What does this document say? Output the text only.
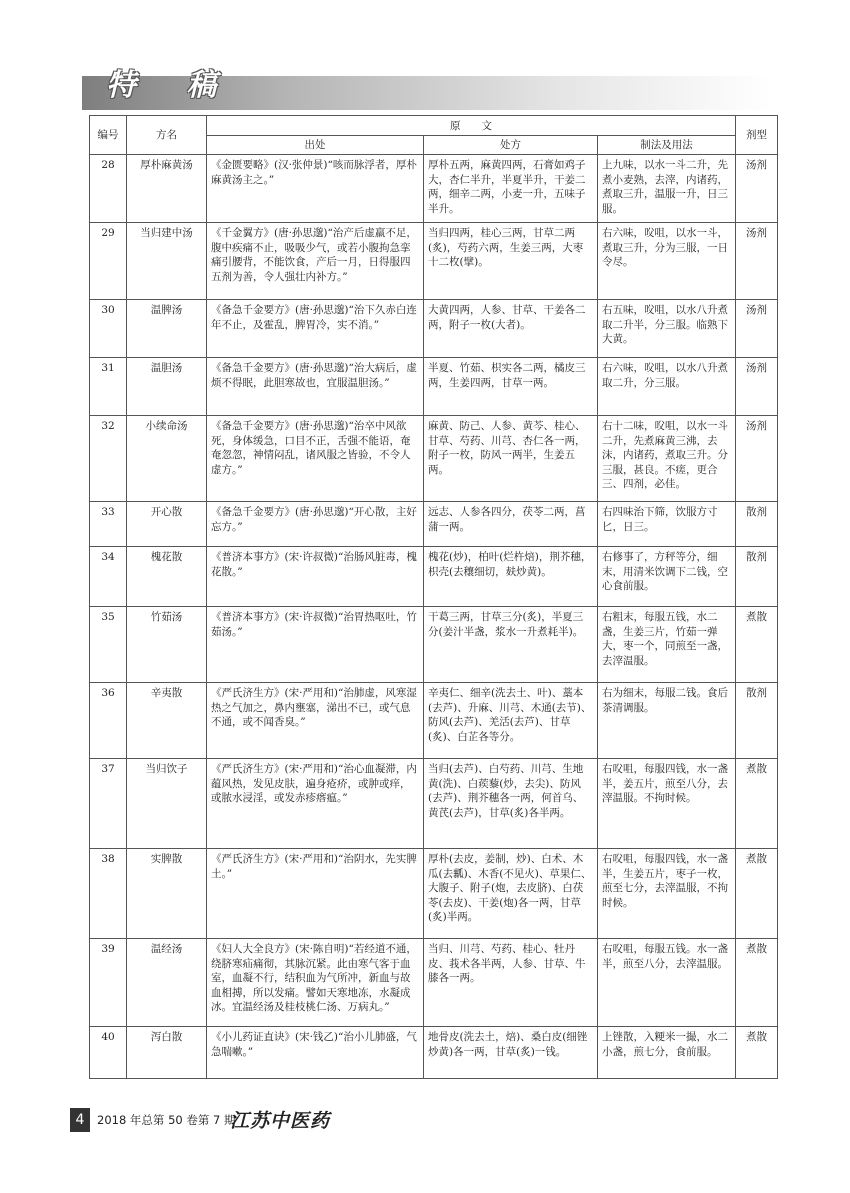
特 稿
编号	方名	原　　文			剂型
		出处	处方	制法及用法	
28	厚朴麻黄汤	《金匮要略》(汉·张仲景)“咳而脉浮者，厚朴麻黄汤主之。”	厚朴五两，麻黄四两，石膏如鸡子大，杏仁半升，半夏半升，干姜二两，细辛二两，小麦一升，五味子半升。	上九味，以水一斗二升，先煮小麦熟，去滓，内诸药，煮取三升，温服一升，日三服。	汤剂
29	当归建中汤	《千金翼方》(唐·孙思邈)“治产后虚羸不足，腹中疾痛不止，吸吸少气，或若小腹拘急挛痛引腰背，不能饮食，产后一月，日得服四五剂为善，令人强壮内补方。”	当归四两，桂心三两，甘草二两(炙)，芍药六两，生姜三两，大枣十二枚(擘)。	右六味，㕮咀，以水一斗，煮取三升，分为三服，一日令尽。	汤剂
30	温脾汤	《备急千金要方》(唐·孙思邈)“治下久赤白连年不止，及霍乱，脾胃冷，实不消。”	大黄四两，人参、甘草、干姜各二两，附子一枚(大者)。	右五味，㕮咀，以水八升煮取二升半，分三服。临熟下大黄。	汤剂
31	温胆汤	《备急千金要方》(唐·孙思邈)“治大病后，虚烦不得眠，此胆寒故也，宜服温胆汤。”	半夏、竹茹、枳实各二两，橘皮三两，生姜四两，甘草一两。	右六味，㕮咀，以水八升煮取二升，分三服。	汤剂
32	小续命汤	《备急千金要方》(唐·孙思邈)“治卒中风欲死，身体缓急，口目不正，舌强不能语，奄奄忽忽，神情闷乱，诸风服之皆验，不令人虚方。”	麻黄、防己、人参、黄芩、桂心、甘草、芍药、川芎、杏仁各一两，附子一枚，防风一两半，生姜五两。	右十二味，㕮咀，以水一斗二升，先煮麻黄三沸，去沫，内诸药，煮取三升。分三服，甚良。不瘥，更合三、四剂，必佳。	汤剂
33	开心散	《备急千金要方》(唐·孙思邈)“开心散，主好忘方。”	远志、人参各四分，茯苓二两，菖蒲一两。	右四味治下筛，饮服方寸匕，日三。	散剂
34	槐花散	《普济本事方》(宋·许叔微)“治肠风脏毒，槐花散。”	槐花(炒)，柏叶(烂杵焙)，荆芥穗，枳壳(去穰细切，麸炒黄)。	右修事了，方秤等分，细末，用清米饮调下二钱，空心食前服。	散剂
35	竹茹汤	《普济本事方》(宋·许叔微)“治胃热呕吐，竹茹汤。”	干葛三两，甘草三分(炙)，半夏三分(姜汁半盏，浆水一升煮耗半)。	右粗末，每服五钱，水二盏，生姜三片，竹茹一弹大，枣一个，同煎至一盏，去滓温服。	煮散
36	辛夷散	《严氏济生方》(宋·严用和)“治肺虚，风寒湿热之气加之，鼻内壅塞，涕出不已，或气息不通，或不闻香臭。”	辛夷仁、细辛(洗去土、叶)、藁本(去芦)、升麻、川芎、木通(去节)、防风(去芦)、羌活(去芦)、甘草(炙)、白芷各等分。	右为细末，每服二钱。食后茶清调服。	散剂
37	当归饮子	《严氏济生方》(宋·严用和)“治心血凝滞，内蕴风热，发见皮肤，遍身疮疥，或肿或痒，或脓水浸淫，或发赤疹瘩瘟。”	当归(去芦)、白芍药、川芎、生地黄(洗)、白蒺藜(炒，去尖)、防风(去芦)、荆芥穗各一两，何首乌、黄芪(去芦)，甘草(炙)各半两。	右㕮咀，每服四钱，水一盏半，姜五片，煎至八分，去滓温服。不拘时候。	煮散
38	实脾散	《严氏济生方》(宋·严用和)“治阴水，先实脾土。”	厚朴(去皮，姜制，炒)、白术、木瓜(去瓤)、木香(不见火)、草果仁、大腹子、附子(炮，去皮脐)、白茯苓(去皮)、干姜(炮)各一两，甘草(炙)半两。	右㕮咀，每服四钱，水一盏半，生姜五片，枣子一枚，煎至七分，去滓温服，不拘时候。	煮散
39	温经汤	《妇人大全良方》(宋·陈自明)“若经道不通，绕脐寒疝痛彻，其脉沉紧。此由寒气客于血室，血凝不行，结积血为气所冲，新血与故血相搏，所以发痛。譬如天寒地冻，水凝成冰。宜温经汤及桂枝桃仁汤、万病丸。”	当归、川芎、芍药、桂心、牡丹皮、莪术各半两，人参、甘草、牛膝各一两。	右㕮咀，每服五钱。水一盏半，煎至八分，去滓温服。	煮散
40	泻白散	《小儿药证直诀》(宋·钱乙)“治小儿肺盛，气急喘嗽。”	地骨皮(洗去土，焙)、桑白皮(细锉炒黄)各一两，甘草(炙)一钱。	上锉散，入粳米一撮，水二小盏，煎七分，食前服。	煮散
4	2018 年总第 50 卷第 7 期
江苏中医药
